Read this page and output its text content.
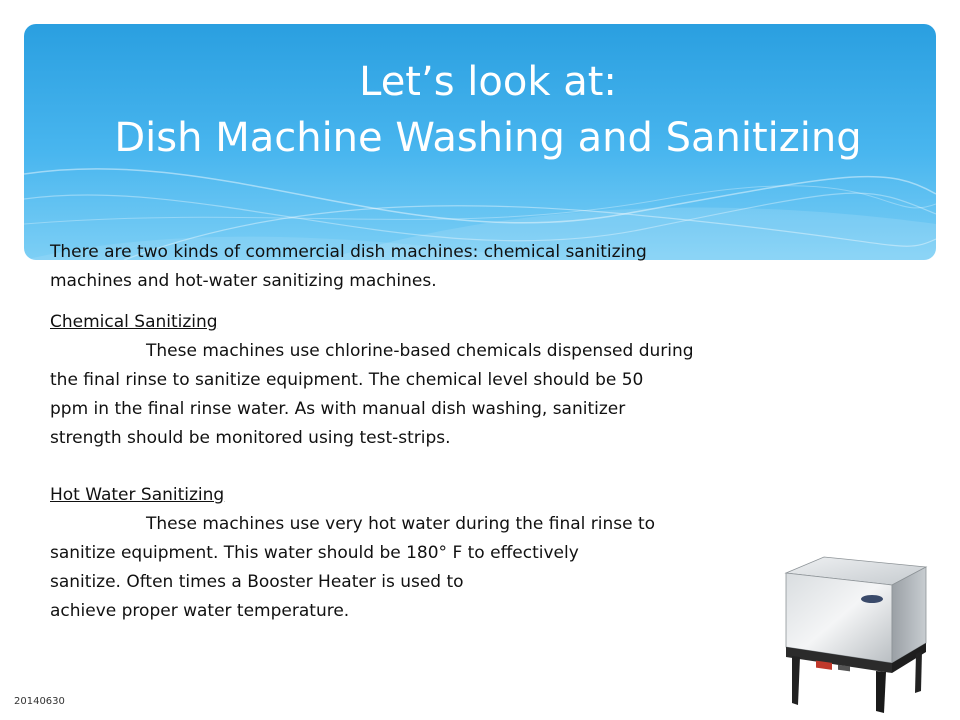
Let’s look at:
Dish Machine Washing and Sanitizing

There are two kinds of commercial dish machines: chemical sanitizing

machines and hot-water sanitizing machines.

Chemical Sanitizing

These machines use chlorine-based chemicals dispensed during

the final rinse to sanitize equipment. The chemical level should be 50

ppm in the final rinse water. As with manual dish washing, sanitizer

strength should be monitored using test-strips.

Hot Water Sanitizing

These machines use very hot water during the final rinse to

sanitize equipment. This water should be 180° F to effectively

sanitize. Often times a Booster Heater is used to

achieve proper water temperature.

20140630
